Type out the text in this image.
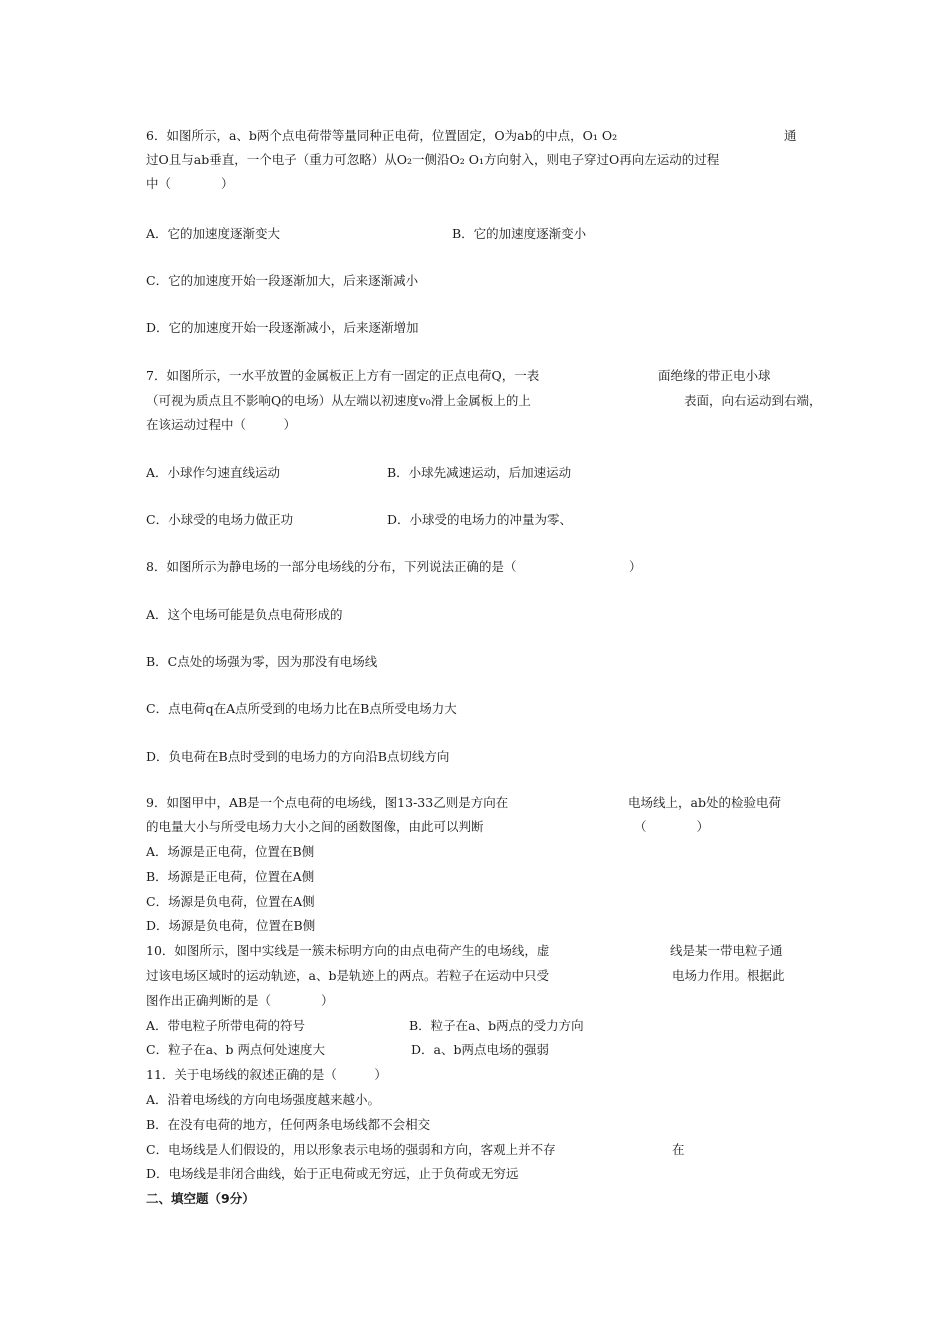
6．如图所示，a、b两个点电荷带等量同种正电荷，位置固定，O为ab的中点，O₁ O₂	通

过O且与ab垂直，一个电子（重力可忽略）从O₂一侧沿O₂ O₁方向射入，则电子穿过O再向左运动的过程

中（　　　　）

A．它的加速度逐渐变大	B．它的加速度逐渐变小

C．它的加速度开始一段逐渐加大，后来逐渐减小

D．它的加速度开始一段逐渐减小，后来逐渐增加

7．如图所示，一水平放置的金属板正上方有一固定的正点电荷Q，一表	面绝缘的带正电小球

（可视为质点且不影响Q的电场）从左端以初速度v₀滑上金属板上的上	表面，向右运动到右端，

在该运动过程中（　　　）

A．小球作匀速直线运动	B．小球先减速运动，后加速运动

C．小球受的电场力做正功	D．小球受的电场力的冲量为零、

8．如图所示为静电场的一部分电场线的分布，下列说法正确的是（　　　　　　　　　）

A．这个电场可能是负点电荷形成的

B．C点处的场强为零，因为那没有电场线

C．点电荷q在A点所受到的电场力比在B点所受电场力大

D．负电荷在B点时受到的电场力的方向沿B点切线方向

9．如图甲中，AB是一个点电荷的电场线，图13-33乙则是方向在	电场线上，ab处的检验电荷

的电量大小与所受电场力大小之间的函数图像，由此可以判断	（　　　　）

A．场源是正电荷，位置在B侧

B．场源是正电荷，位置在A侧

C．场源是负电荷，位置在A侧

D．场源是负电荷，位置在B侧

10．如图所示，图中实线是一簇未标明方向的由点电荷产生的电场线，虚	线是某一带电粒子通

过该电场区域时的运动轨迹，a、b是轨迹上的两点。若粒子在运动中只受	电场力作用。根据此

图作出正确判断的是（　　　　）

A．带电粒子所带电荷的符号	B．粒子在a、b两点的受力方向

C．粒子在a、b 两点何处速度大	D．a、b两点电场的强弱

11．关于电场线的叙述正确的是（　　　）

A．沿着电场线的方向电场强度越来越小。

B．在没有电荷的地方，任何两条电场线都不会相交

C．电场线是人们假设的，用以形象表示电场的强弱和方向，客观上并不存	在

D．电场线是非闭合曲线，始于正电荷或无穷远，止于负荷或无穷远

二、填空题（9分）
